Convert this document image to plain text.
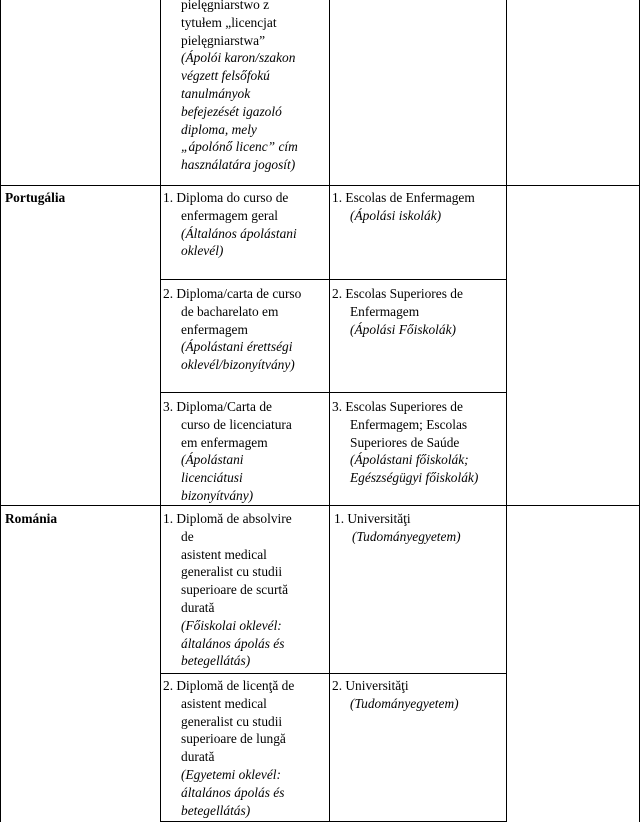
pielęgniarstwo z
tytułem „licencjat
pielęgniarstwa”
(Ápolói karon/szakon
végzett felsőfokú
tanulmányok
befejezését igazoló
diploma, mely
„ápolónő licenc” cím
használatára jogosít)
Portugália	1. Diploma do curso de
enfermagem geral
(Általános ápolástani
oklevél)
1. Escolas de Enfermagem
(Ápolási iskolák)
2. Diploma/carta de curso
de bacharelato em
enfermagem
(Ápolástani érettségi
oklevél/bizonyítvány)
2. Escolas Superiores de
Enfermagem
(Ápolási Főiskolák)
3. Diploma/Carta de
curso de licenciatura
em enfermagem
(Ápolástani
licenciátusi
bizonyítvány)
3. Escolas Superiores de
Enfermagem; Escolas
Superiores de Saúde
(Ápolástani főiskolák;
Egészségügyi főiskolák)
Románia	1. Diplomă de absolvire
de
asistent medical
generalist cu studii
superioare de scurtă
durată
(Főiskolai oklevél:
általános ápolás és
betegellátás)
1. Universităţi
(Tudományegyetem)
2. Diplomă de licenţă de
asistent medical
generalist cu studii
superioare de lungă
durată
(Egyetemi oklevél:
általános ápolás és
betegellátás)
2. Universităţi
(Tudományegyetem)
